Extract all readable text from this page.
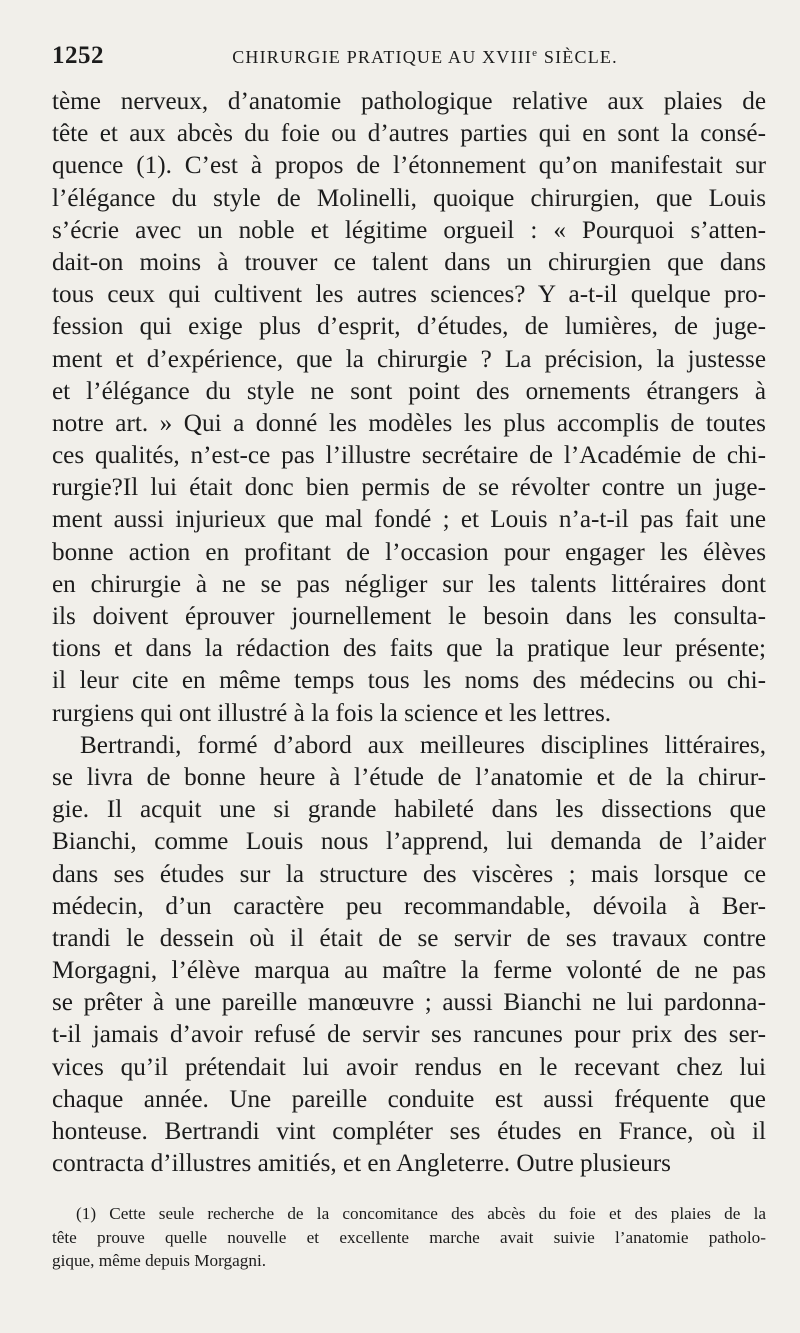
1252	CHIRURGIE PRATIQUE AU XVIIIe SIÈCLE.
tème nerveux, d’anatomie pathologique relative aux plaies de
tête et aux abcès du foie ou d’autres parties qui en sont la consé-
quence (1). C’est à propos de l’étonnement qu’on manifestait sur
l’élégance du style de Molinelli, quoique chirurgien, que Louis
s’écrie avec un noble et légitime orgueil : « Pourquoi s’atten-
dait-on moins à trouver ce talent dans un chirurgien que dans
tous ceux qui cultivent les autres sciences? Y a-t-il quelque pro-
fession qui exige plus d’esprit, d’études, de lumières, de juge-
ment et d’expérience, que la chirurgie ? La précision, la justesse
et l’élégance du style ne sont point des ornements étrangers à
notre art. » Qui a donné les modèles les plus accomplis de toutes
ces qualités, n’est-ce pas l’illustre secrétaire de l’Académie de chi-
rurgie?Il lui était donc bien permis de se révolter contre un juge-
ment aussi injurieux que mal fondé ; et Louis n’a-t-il pas fait une
bonne action en profitant de l’occasion pour engager les élèves
en chirurgie à ne se pas négliger sur les talents littéraires dont
ils doivent éprouver journellement le besoin dans les consulta-
tions et dans la rédaction des faits que la pratique leur présente;
il leur cite en même temps tous les noms des médecins ou chi-
rurgiens qui ont illustré à la fois la science et les lettres.
Bertrandi, formé d’abord aux meilleures disciplines littéraires,
se livra de bonne heure à l’étude de l’anatomie et de la chirur-
gie. Il acquit une si grande habileté dans les dissections que
Bianchi, comme Louis nous l’apprend, lui demanda de l’aider
dans ses études sur la structure des viscères ; mais lorsque ce
médecin, d’un caractère peu recommandable, dévoila à Ber-
trandi le dessein où il était de se servir de ses travaux contre
Morgagni, l’élève marqua au maître la ferme volonté de ne pas
se prêter à une pareille manœuvre ; aussi Bianchi ne lui pardonna-
t-il jamais d’avoir refusé de servir ses rancunes pour prix des ser-
vices qu’il prétendait lui avoir rendus en le recevant chez lui
chaque année. Une pareille conduite est aussi fréquente que
honteuse. Bertrandi vint compléter ses études en France, où il
contracta d’illustres amitiés, et en Angleterre. Outre plusieurs
(1) Cette seule recherche de la concomitance des abcès du foie et des plaies de la
tête prouve quelle nouvelle et excellente marche avait suivie l’anatomie patholo-
gique, même depuis Morgagni.
